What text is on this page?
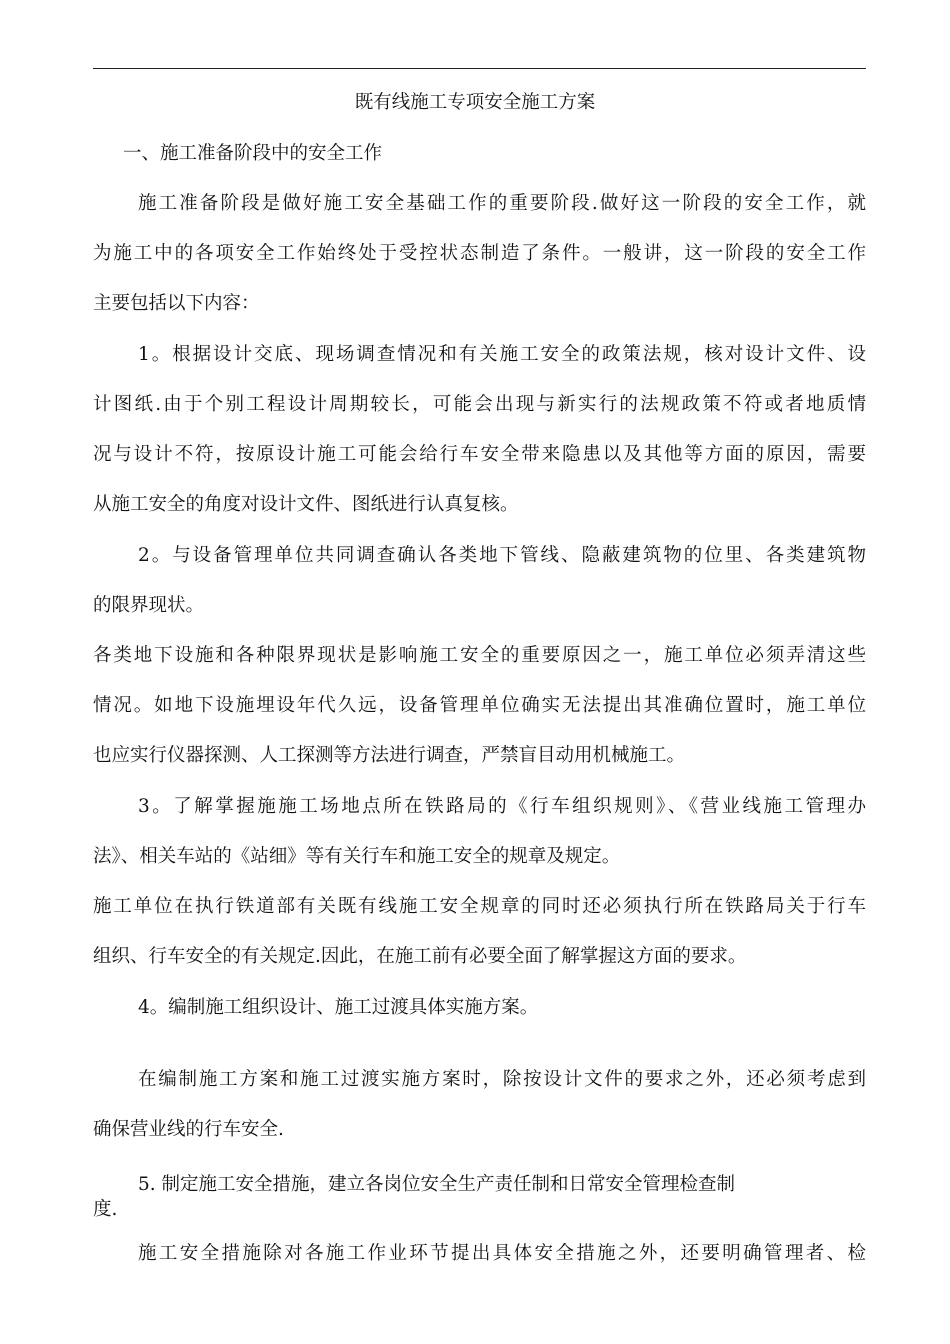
既有线施工专项安全施工方案
一、施工准备阶段中的安全工作
施工准备阶段是做好施工安全基础工作的重要阶段.做好这一阶段的安全工作，就
为施工中的各项安全工作始终处于受控状态制造了条件。一般讲，这一阶段的安全工作
主要包括以下内容：
1。根据设计交底、现场调查情况和有关施工安全的政策法规，核对设计文件、设
计图纸.由于个别工程设计周期较长，可能会出现与新实行的法规政策不符或者地质情
况与设计不符，按原设计施工可能会给行车安全带来隐患以及其他等方面的原因，需要
从施工安全的角度对设计文件、图纸进行认真复核。
2。与设备管理单位共同调查确认各类地下管线、隐蔽建筑物的位里、各类建筑物
的限界现状。
各类地下设施和各种限界现状是影响施工安全的重要原因之一，施工单位必须弄清这些
情况。如地下设施埋设年代久远，设备管理单位确实无法提出其准确位置时，施工单位
也应实行仪器探测、人工探测等方法进行调查，严禁盲目动用机械施工。
3。了解掌握施施工场地点所在铁路局的《行车组织规则》、《营业线施工管理办
法》、相关车站的《站细》等有关行车和施工安全的规章及规定。
施工单位在执行铁道部有关既有线施工安全规章的同时还必须执行所在铁路局关于行车
组织、行车安全的有关规定.因此，在施工前有必要全面了解掌握这方面的要求。
4。编制施工组织设计、施工过渡具体实施方案。
在编制施工方案和施工过渡实施方案时，除按设计文件的要求之外，还必须考虑到
确保营业线的行车安全.
5. 制定施工安全措施，建立各岗位安全生产责任制和日常安全管理检查制
度.
施工安全措施除对各施工作业环节提出具体安全措施之外，还要明确管理者、检
